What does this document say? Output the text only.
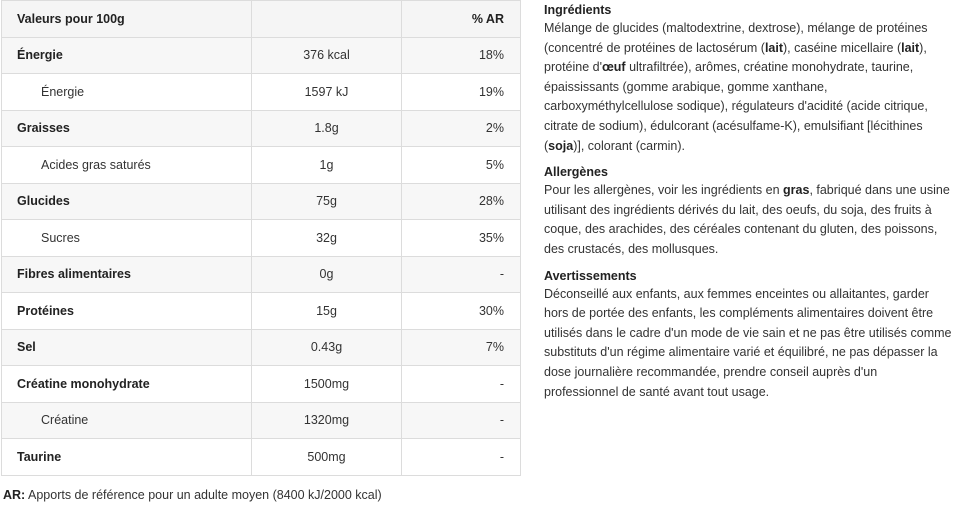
Valeurs pour 100g		% AR
Énergie	376 kcal	18%
Énergie	1597 kJ	19%
Graisses	1.8g	2%
Acides gras saturés	1g	5%
Glucides	75g	28%
Sucres	32g	35%
Fibres alimentaires	0g	-
Protéines	15g	30%
Sel	0.43g	7%
Créatine monohydrate	1500mg	-
Créatine	1320mg	-
Taurine	500mg	-
AR: Apports de référence pour un adulte moyen (8400 kJ/2000 kcal)
Ingrédients

Mélange de glucides (maltodextrine, dextrose), mélange de protéines (concentré de protéines de lactosérum (lait), caséine micellaire (lait), protéine d'œuf ultrafiltrée), arômes, créatine monohydrate, taurine, épaississants (gomme arabique, gomme xanthane, carboxyméthylcellulose sodique), régulateurs d'acidité (acide citrique, citrate de sodium), édulcorant (acésulfame-K), emulsifiant [lécithines (soja)], colorant (carmin).

Allergènes

Pour les allergènes, voir les ingrédients en gras, fabriqué dans une usine utilisant des ingrédients dérivés du lait, des oeufs, du soja, des fruits à coque, des arachides, des céréales contenant du gluten, des poissons, des crustacés, des mollusques.

Avertissements

Déconseillé aux enfants, aux femmes enceintes ou allaitantes, garder hors de portée des enfants, les compléments alimentaires doivent être utilisés dans le cadre d'un mode de vie sain et ne pas être utilisés comme substituts d'un régime alimentaire varié et équilibré, ne pas dépasser la dose journalière recommandée, prendre conseil auprès d'un professionnel de santé avant tout usage.
